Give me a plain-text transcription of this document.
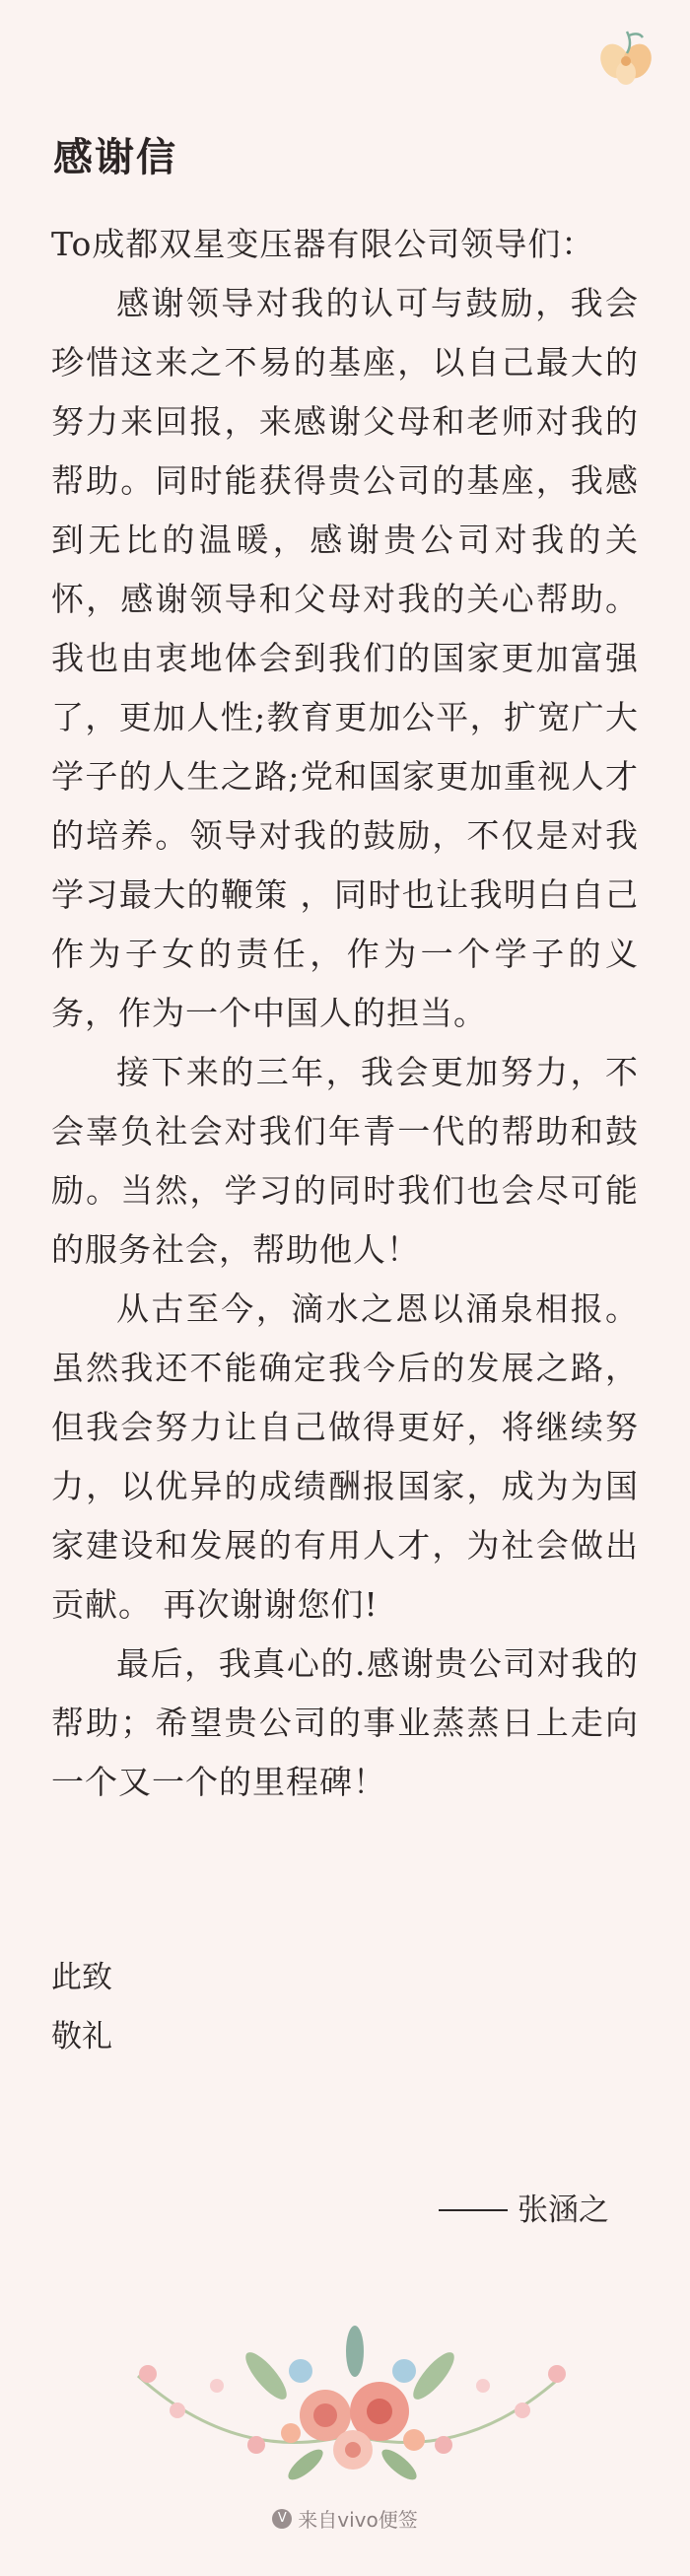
感谢信

To成都双星变压器有限公司领导们：

感谢领导对我的认可与鼓励，我会珍惜这来之不易的基座，以自己最大的努力来回报，来感谢父母和老师对我的帮助。同时能获得贵公司的基座，我感到无比的温暖，感谢贵公司对我的关怀，感谢领导和父母对我的关心帮助。我也由衷地体会到我们的国家更加富强了，更加人性;教育更加公平，扩宽广大学子的人生之路;党和国家更加重视人才的培养。领导对我的鼓励，不仅是对我学习最大的鞭策 ，同时也让我明白自己作为子女的责任，作为一个学子的义务，作为一个中国人的担当。

接下来的三年，我会更加努力，不会辜负社会对我们年青一代的帮助和鼓励。当然，学习的同时我们也会尽可能的服务社会，帮助他人！

从古至今，滴水之恩以涌泉相报。虽然我还不能确定我今后的发展之路，但我会努力让自己做得更好，将继续努力，以优异的成绩酬报国家，成为为国家建设和发展的有用人才，为社会做出贡献。 再次谢谢您们!

最后，我真心的.感谢贵公司对我的帮助；希望贵公司的事业蒸蒸日上走向一个又一个的里程碑！

此致
敬礼
张涵之
V 来自vivo便签
